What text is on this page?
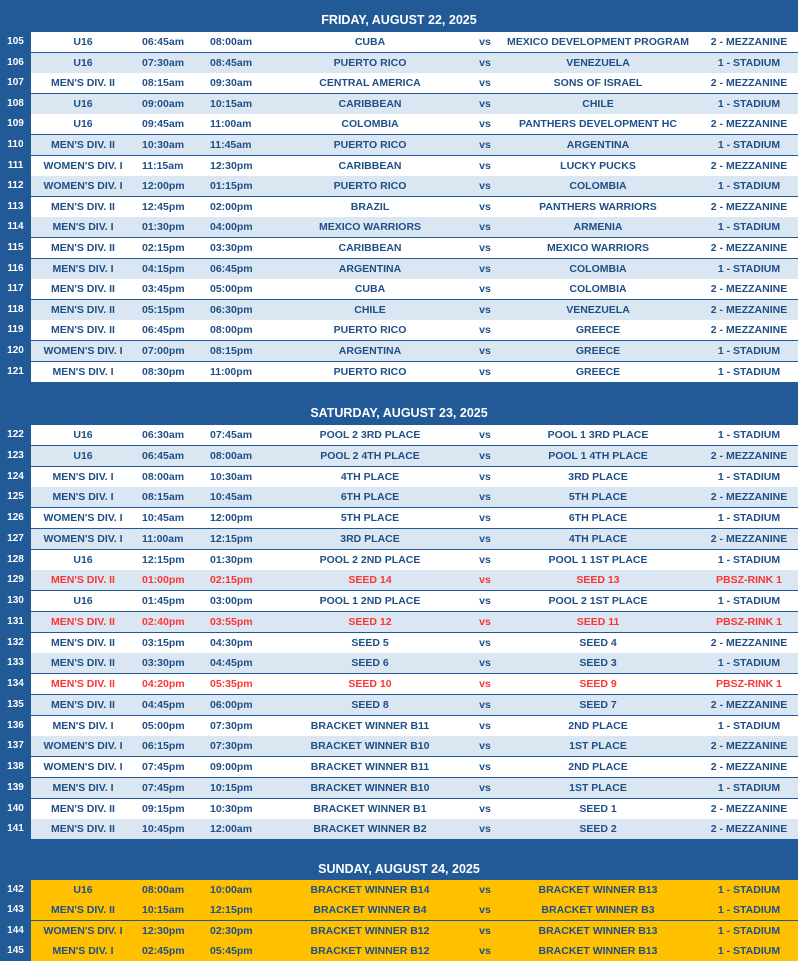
FRIDAY, AUGUST 22, 2025
105	U16	06:45am	08:00am	CUBA	vs	MEXICO DEVELOPMENT PROGRAM	2 - MEZZANINE
106	U16	07:30am	08:45am	PUERTO RICO	vs	VENEZUELA	1 - STADIUM
107	MEN'S DIV. II	08:15am	09:30am	CENTRAL AMERICA	vs	SONS OF ISRAEL	2 - MEZZANINE
108	U16	09:00am	10:15am	CARIBBEAN	vs	CHILE	1 - STADIUM
109	U16	09:45am	11:00am	COLOMBIA	vs	PANTHERS DEVELOPMENT HC	2 - MEZZANINE
110	MEN'S DIV. II	10:30am	11:45am	PUERTO RICO	vs	ARGENTINA	1 - STADIUM
111	WOMEN'S DIV. I	11:15am	12:30pm	CARIBBEAN	vs	LUCKY PUCKS	2 - MEZZANINE
112	WOMEN'S DIV. I	12:00pm	01:15pm	PUERTO RICO	vs	COLOMBIA	1 - STADIUM
113	MEN'S DIV. II	12:45pm	02:00pm	BRAZIL	vs	PANTHERS WARRIORS	2 - MEZZANINE
114	MEN'S DIV. I	01:30pm	04:00pm	MEXICO WARRIORS	vs	ARMENIA	1 - STADIUM
115	MEN'S DIV. II	02:15pm	03:30pm	CARIBBEAN	vs	MEXICO WARRIORS	2 - MEZZANINE
116	MEN'S DIV. I	04:15pm	06:45pm	ARGENTINA	vs	COLOMBIA	1 - STADIUM
117	MEN'S DIV. II	03:45pm	05:00pm	CUBA	vs	COLOMBIA	2 - MEZZANINE
118	MEN'S DIV. II	05:15pm	06:30pm	CHILE	vs	VENEZUELA	2 - MEZZANINE
119	MEN'S DIV. II	06:45pm	08:00pm	PUERTO RICO	vs	GREECE	2 - MEZZANINE
120	WOMEN'S DIV. I	07:00pm	08:15pm	ARGENTINA	vs	GREECE	1 - STADIUM
121	MEN'S DIV. I	08:30pm	11:00pm	PUERTO RICO	vs	GREECE	1 - STADIUM
SATURDAY, AUGUST 23, 2025
122	U16	06:30am	07:45am	POOL 2 3RD PLACE	vs	POOL 1 3RD PLACE	1 - STADIUM
123	U16	06:45am	08:00am	POOL 2 4TH PLACE	vs	POOL 1 4TH PLACE	2 - MEZZANINE
124	MEN'S DIV. I	08:00am	10:30am	4TH PLACE	vs	3RD PLACE	1 - STADIUM
125	MEN'S DIV. I	08:15am	10:45am	6TH PLACE	vs	5TH PLACE	2 - MEZZANINE
126	WOMEN'S DIV. I	10:45am	12:00pm	5TH PLACE	vs	6TH PLACE	1 - STADIUM
127	WOMEN'S DIV. I	11:00am	12:15pm	3RD PLACE	vs	4TH PLACE	2 - MEZZANINE
128	U16	12:15pm	01:30pm	POOL 2 2ND PLACE	vs	POOL 1 1ST PLACE	1 - STADIUM
129	MEN'S DIV. II	01:00pm	02:15pm	SEED 14	vs	SEED 13	PBSZ-RINK 1
130	U16	01:45pm	03:00pm	POOL 1 2ND PLACE	vs	POOL 2 1ST PLACE	1 - STADIUM
131	MEN'S DIV. II	02:40pm	03:55pm	SEED 12	vs	SEED 11	PBSZ-RINK 1
132	MEN'S DIV. II	03:15pm	04:30pm	SEED 5	vs	SEED 4	2 - MEZZANINE
133	MEN'S DIV. II	03:30pm	04:45pm	SEED 6	vs	SEED 3	1 - STADIUM
134	MEN'S DIV. II	04:20pm	05:35pm	SEED 10	vs	SEED 9	PBSZ-RINK 1
135	MEN'S DIV. II	04:45pm	06:00pm	SEED 8	vs	SEED 7	2 - MEZZANINE
136	MEN'S DIV. I	05:00pm	07:30pm	BRACKET WINNER B11	vs	2ND PLACE	1 - STADIUM
137	WOMEN'S DIV. I	06:15pm	07:30pm	BRACKET WINNER B10	vs	1ST PLACE	2 - MEZZANINE
138	WOMEN'S DIV. I	07:45pm	09:00pm	BRACKET WINNER B11	vs	2ND PLACE	2 - MEZZANINE
139	MEN'S DIV. I	07:45pm	10:15pm	BRACKET WINNER B10	vs	1ST PLACE	1 - STADIUM
140	MEN'S DIV. II	09:15pm	10:30pm	BRACKET WINNER B1	vs	SEED 1	2 - MEZZANINE
141	MEN'S DIV. II	10:45pm	12:00am	BRACKET WINNER B2	vs	SEED 2	2 - MEZZANINE
SUNDAY, AUGUST 24, 2025
142	U16	08:00am	10:00am	BRACKET WINNER B14	vs	BRACKET WINNER B13	1 - STADIUM
143	MEN'S DIV. II	10:15am	12:15pm	BRACKET WINNER B4	vs	BRACKET WINNER B3	1 - STADIUM
144	WOMEN'S DIV. I	12:30pm	02:30pm	BRACKET WINNER B12	vs	BRACKET WINNER B13	1 - STADIUM
145	MEN'S DIV. I	02:45pm	05:45pm	BRACKET WINNER B12	vs	BRACKET WINNER B13	1 - STADIUM
